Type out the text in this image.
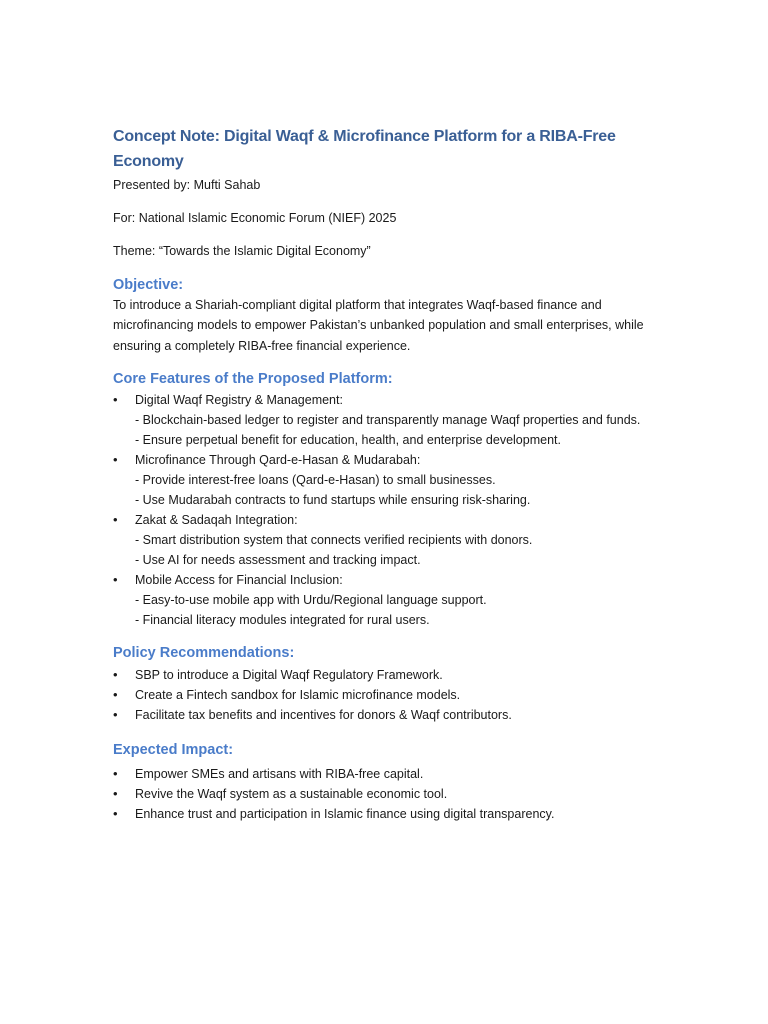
Concept Note: Digital Waqf & Microfinance Platform for a RIBA-Free Economy

Presented by: Mufti Sahab

For: National Islamic Economic Forum (NIEF) 2025

Theme: “Towards the Islamic Digital Economy”

Objective:

To introduce a Shariah-compliant digital platform that integrates Waqf-based finance and microfinancing models to empower Pakistan’s unbanked population and small enterprises, while ensuring a completely RIBA-free financial experience.

Core Features of the Proposed Platform:
• Digital Waqf Registry & Management:
- Blockchain-based ledger to register and transparently manage Waqf properties and funds.
- Ensure perpetual benefit for education, health, and enterprise development.
• Microfinance Through Qard-e-Hasan & Mudarabah:
- Provide interest-free loans (Qard-e-Hasan) to small businesses.
- Use Mudarabah contracts to fund startups while ensuring risk-sharing.
• Zakat & Sadaqah Integration:
- Smart distribution system that connects verified recipients with donors.
- Use AI for needs assessment and tracking impact.
• Mobile Access for Financial Inclusion:
- Easy-to-use mobile app with Urdu/Regional language support.
- Financial literacy modules integrated for rural users.
Policy Recommendations:
• SBP to introduce a Digital Waqf Regulatory Framework.
• Create a Fintech sandbox for Islamic microfinance models.
• Facilitate tax benefits and incentives for donors & Waqf contributors.
Expected Impact:
• Empower SMEs and artisans with RIBA-free capital.
• Revive the Waqf system as a sustainable economic tool.
• Enhance trust and participation in Islamic finance using digital transparency.
